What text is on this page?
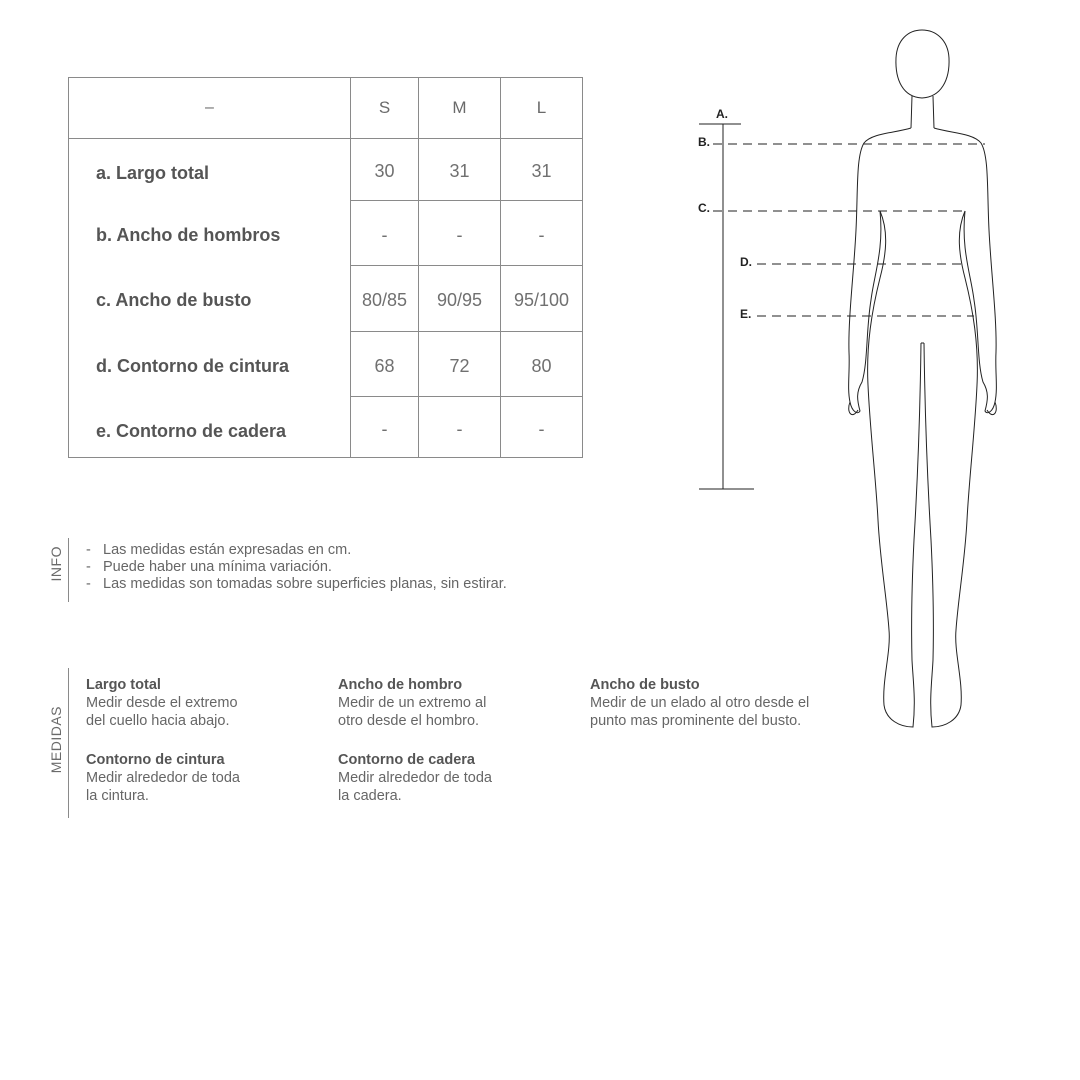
–	S	M	L
a. Largo total	30	31	31
b. Ancho de hombros	-	-	-
c. Ancho de busto	80/85	90/95	95/100
d. Contorno de cintura	68	72	80
e. Contorno de cadera	-	-	-
INFO	- Las medidas están expresadas en cm.
- Puede haber una mínima variación.
- Las medidas son tomadas sobre superficies planas, sin estirar.
MEDIDAS
Largo total
Medir desde el extremo
del cuello hacia abajo.
Ancho de hombro
Medir de un extremo al
otro desde el hombro.
Ancho de busto
Medir de un elado al otro desde el
punto mas prominente del busto.
Contorno de cintura
Medir alrededor de toda
la cintura.
Contorno de cadera
Medir alrededor de toda
la cadera.
A.
B.
C.
D.
E.
